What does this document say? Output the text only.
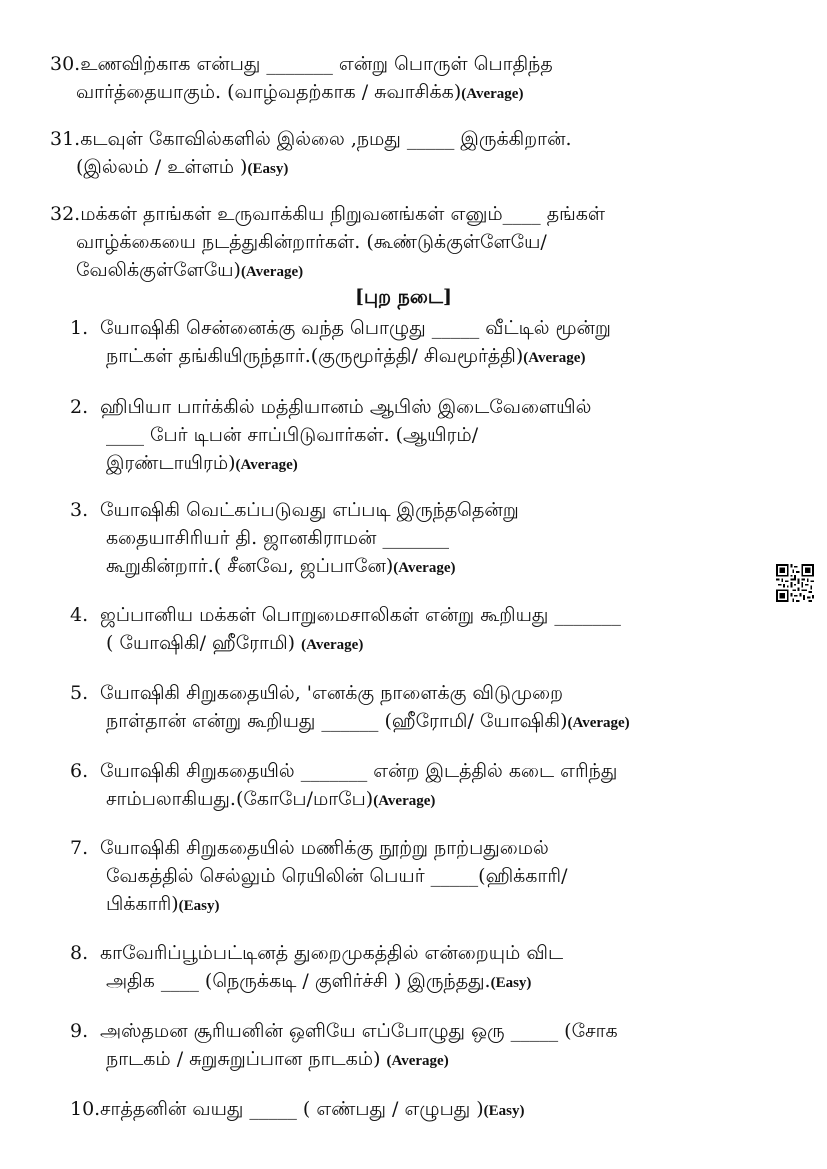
30.உணவிற்காக என்பது _______ என்று பொருள் பொதிந்த
வார்த்தையாகும். (வாழ்வதற்காக / சுவாசிக்க)(Average)
31.கடவுள் கோவில்களில் இல்லை ,நமது _____ இருக்கிறான்.
(இல்லம் / உள்ளம் )(Easy)
32.மக்கள் தாங்கள் உருவாக்கிய நிறுவனங்கள் எனும்____ தங்கள்
வாழ்க்கையை நடத்துகின்றார்கள். (கூண்டுக்குள்ளேயே/
வேலிக்குள்ளேயே)(Average)
[புற நடை]
1. யோஷிகி சென்னைக்கு வந்த பொழுது _____ வீட்டில் மூன்று
நாட்கள் தங்கியிருந்தார்.(குருமூர்த்தி/ சிவமூர்த்தி)(Average)
2. ஹிபியா பார்க்கில் மத்தியானம் ஆபிஸ் இடைவேளையில்
____ பேர் டிபன் சாப்பிடுவார்கள். (ஆயிரம்/
இரண்டாயிரம்)(Average)
3. யோஷிகி வெட்கப்படுவது எப்படி இருந்ததென்று
கதையாசிரியர் தி. ஜானகிராமன் _______
கூறுகின்றார்.( சீனவே, ஜப்பானே)(Average)
4. ஜப்பானிய மக்கள் பொறுமைசாலிகள் என்று கூறியது _______
( யோஷிகி/ ஹீரோமி) (Average)
5. யோஷிகி சிறுகதையில், 'எனக்கு நாளைக்கு விடுமுறை
நாள்தான் என்று கூறியது ______ (ஹீரோமி/ யோஷிகி)(Average)
6. யோஷிகி சிறுகதையில் _______ என்ற இடத்தில் கடை எரிந்து
சாம்பலாகியது.(கோபே/மாபே)(Average)
7. யோஷிகி சிறுகதையில் மணிக்கு நூற்று நாற்பதுமைல்
வேகத்தில் செல்லும் ரெயிலின் பெயர் _____(ஹிக்காரி/
பிக்காரி)(Easy)
8. காவேரிப்பூம்பட்டினத் துறைமுகத்தில் என்றையும் விட
அதிக ____ (நெருக்கடி / குளிர்ச்சி ) இருந்தது.(Easy)
9. அஸ்தமன சூரியனின் ஒளியே எப்போழுது ஒரு _____ (சோக
நாடகம் / சுறுசுறுப்பான நாடகம்) (Average)
10.சாத்தனின் வயது _____ ( எண்பது / எழுபது )(Easy)
